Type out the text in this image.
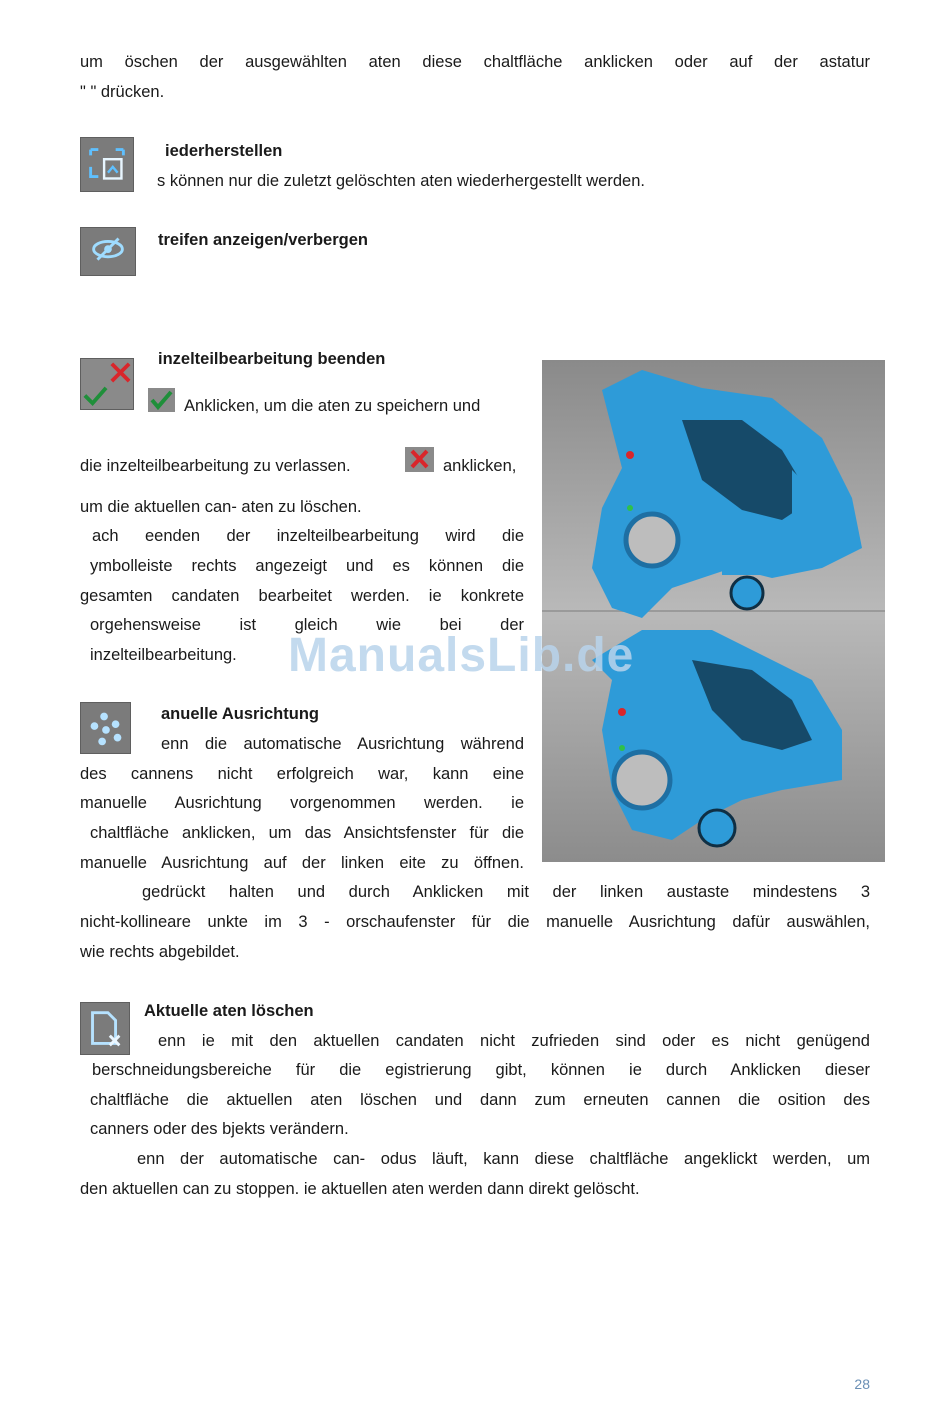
um öschen der ausgewählten aten diese chaltfläche anklicken oder auf der astatur
" " drücken.
iederherstellen
s können nur die zuletzt gelöschten aten wiederhergestellt werden.
treifen anzeigen/verbergen
inzelteilbearbeitung beenden
Anklicken, um die aten zu speichern und
die inzelteilbearbeitung zu verlassen.	anklicken,
um die aktuellen can- aten zu löschen.
ach eenden der inzelteilbearbeitung wird die
ymbolleiste rechts angezeigt und es können die
gesamten candaten bearbeitet werden. ie konkrete
orgehensweise ist gleich wie bei der
inzelteilbearbeitung. ManualsLib.de
anuelle Ausrichtung
enn die automatische Ausrichtung während
des cannens nicht erfolgreich war, kann eine
manuelle Ausrichtung vorgenommen werden. ie
chaltfläche anklicken, um das Ansichtsfenster für die
manuelle Ausrichtung auf der linken eite zu öffnen.
gedrückt halten und durch Anklicken mit der linken austaste mindestens 3
nicht-kollineare unkte im 3 - orschaufenster für die manuelle Ausrichtung dafür auswählen,
wie rechts abgebildet.
Aktuelle aten löschen
enn ie mit den aktuellen candaten nicht zufrieden sind oder es nicht genügend
berschneidungsbereiche für die egistrierung gibt, können ie durch Anklicken dieser
chaltfläche die aktuellen aten löschen und dann zum erneuten cannen die osition des
canners oder des bjekts verändern.
enn der automatische can- odus läuft, kann diese chaltfläche angeklickt werden, um
den aktuellen can zu stoppen. ie aktuellen aten werden dann direkt gelöscht.
28
